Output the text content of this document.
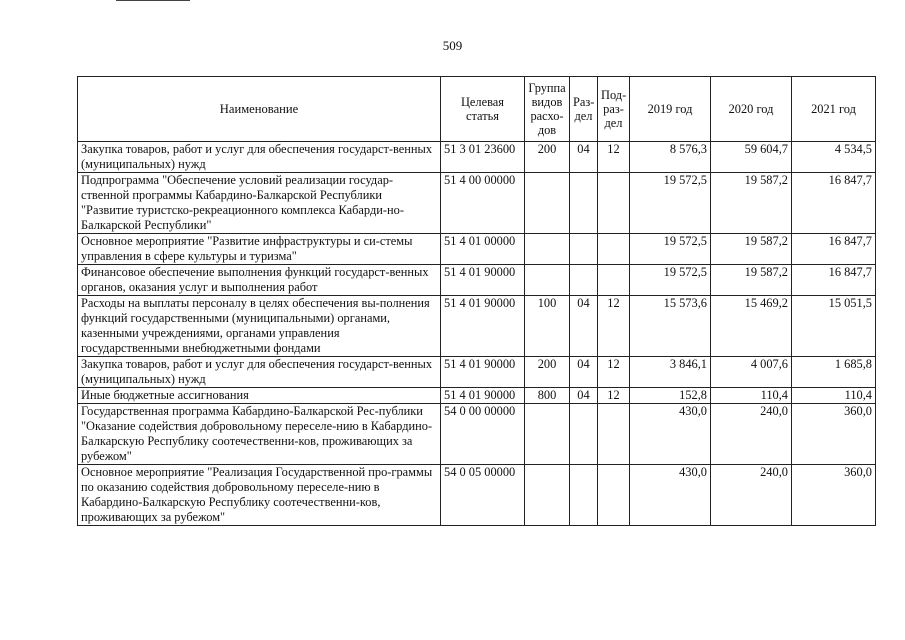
509
Наименование	Целевая статья	Группа видов расхо- дов	Раз- дел	Под- раз- дел	2019 год	2020 год	2021 год
Закупка товаров, работ и услуг для обеспечения государст-венных (муниципальных) нужд	51 3 01 23600	200	04	12	8 576,3	59 604,7	4 534,5
Подпрограмма "Обеспечение условий реализации государ-ственной программы Кабардино-Балкарской Республики "Развитие туристско-рекреационного комплекса Кабарди-но-Балкарской Республики"	51 4 00 00000				19 572,5	19 587,2	16 847,7
Основное мероприятие "Развитие инфраструктуры и си-стемы управления в сфере культуры и туризма"	51 4 01 00000				19 572,5	19 587,2	16 847,7
Финансовое обеспечение выполнения функций государст-венных органов, оказания услуг и выполнения работ	51 4 01 90000				19 572,5	19 587,2	16 847,7
Расходы на выплаты персоналу в целях обеспечения вы-полнения функций государственными (муниципальными) органами, казенными учреждениями, органами управления государственными внебюджетными фондами	51 4 01 90000	100	04	12	15 573,6	15 469,2	15 051,5
Закупка товаров, работ и услуг для обеспечения государст-венных (муниципальных) нужд	51 4 01 90000	200	04	12	3 846,1	4 007,6	1 685,8
Иные бюджетные ассигнования	51 4 01 90000	800	04	12	152,8	110,4	110,4
Государственная программа Кабардино-Балкарской Рес-публики "Оказание содействия добровольному переселе-нию в Кабардино-Балкарскую Республику соотечественни-ков, проживающих за рубежом"	54 0 00 00000				430,0	240,0	360,0
Основное мероприятие "Реализация Государственной про-граммы по оказанию содействия добровольному переселе-нию в Кабардино-Балкарскую Республику соотечественни-ков, проживающих за рубежом"	54 0 05 00000				430,0	240,0	360,0
